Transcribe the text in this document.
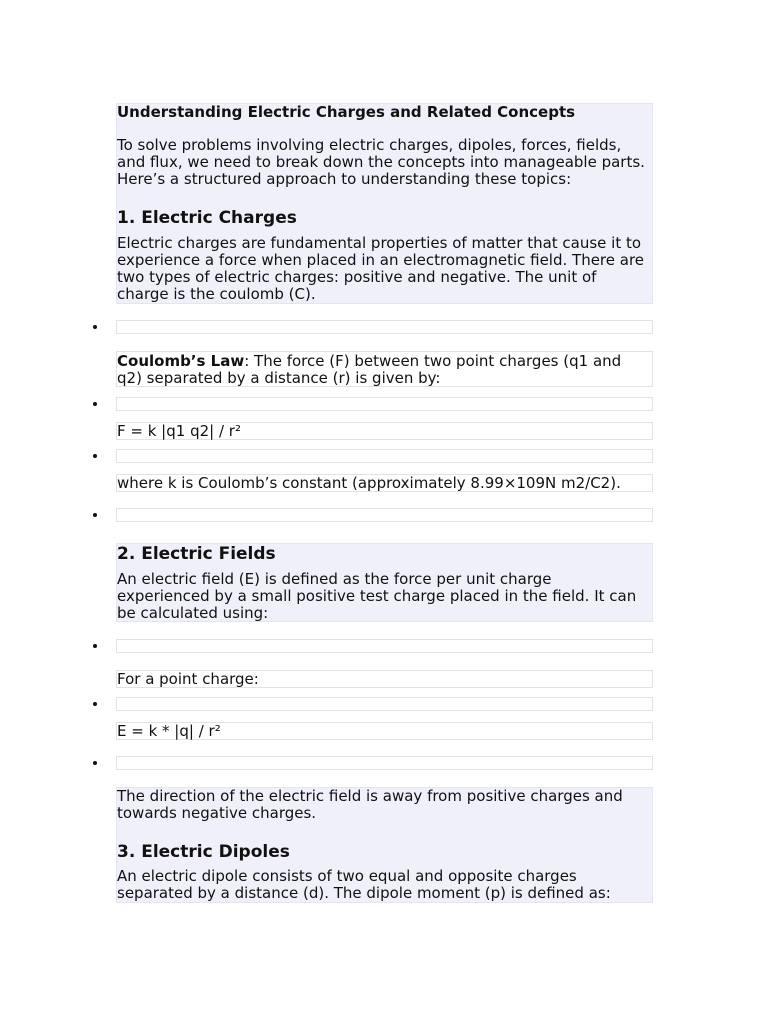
Understanding Electric Charges and Related Concepts
To solve problems involving electric charges, dipoles, forces, fields, and flux, we need to break down the concepts into manageable parts. Here’s a structured approach to understanding these topics:
1. Electric Charges
Electric charges are fundamental properties of matter that cause it to experience a force when placed in an electromagnetic field. There are two types of electric charges: positive and negative. The unit of charge is the coulomb (C).
Coulomb’s Law: The force (F) between two point charges (q1 and q2) separated by a distance (r) is given by:
F = k |q1 q2| / r²
where k is Coulomb’s constant (approximately 8.99×109N m2/C2).
2. Electric Fields
An electric field (E) is defined as the force per unit charge experienced by a small positive test charge placed in the field. It can be calculated using:
For a point charge:
E = k * |q| / r²
The direction of the electric field is away from positive charges and towards negative charges.
3. Electric Dipoles
An electric dipole consists of two equal and opposite charges separated by a distance (d). The dipole moment (p) is defined as:
